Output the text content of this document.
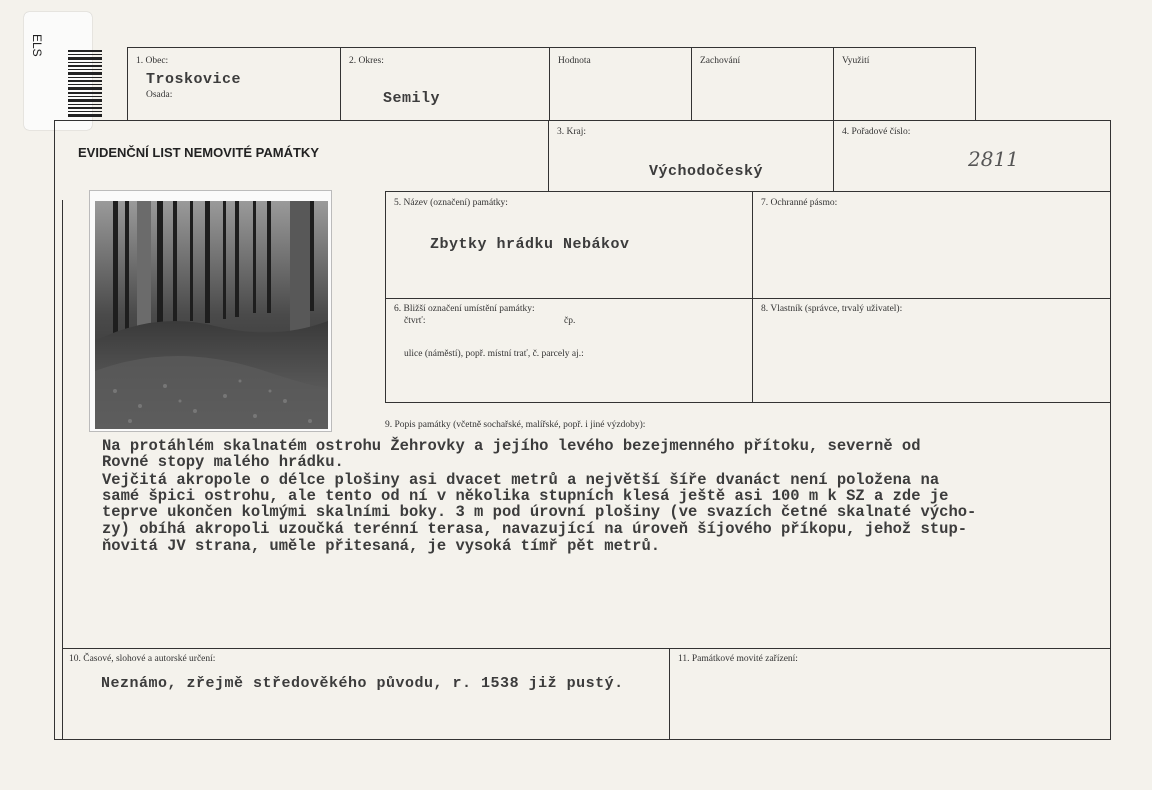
ELS
1. Obec:
Troskovice
Osada:
2. Okres:
Semily
Hodnota	Zachování	Využití
EVIDENČNÍ LIST NEMOVITÉ PAMÁTKY
3. Kraj:
Východočeský
4. Pořadové číslo:
2811
5. Název (označení) památky:
Zbytky hrádku Nebákov
7. Ochranné pásmo:
6. Bližší označení umístění památky:
čtvrť:	čp.
ulice (náměstí), popř. místní trať, č. parcely aj.:
8. Vlastník (správce, trvalý uživatel):
9. Popis památky (včetně sochařské, malířské, popř. i jiné výzdoby):
Na protáhlém skalnatém ostrohu Žehrovky a jejího levého bezejmenného přítoku, severně od
Rovné stopy malého hrádku.
Vejčitá akropole o délce plošiny asi dvacet metrů a největší šíře dvanáct není položena na
samé špici ostrohu, ale tento od ní v několika stupních klesá ještě asi 100 m k SZ a zde je
teprve ukončen kolmými skalními boky. 3 m pod úrovní plošiny (ve svazích četné skalnaté výcho-
zy) obíhá akropoli uzoučká terénní terasa, navazující na úroveň šíjového příkopu, jehož stup-
ňovitá JV strana, uměle přitesaná, je vysoká tímř pět metrů.
10. Časové, slohové a autorské určení:
Neznámo, zřejmě středověkého původu, r. 1538 již pustý.
11. Památkové movité zařízení:
